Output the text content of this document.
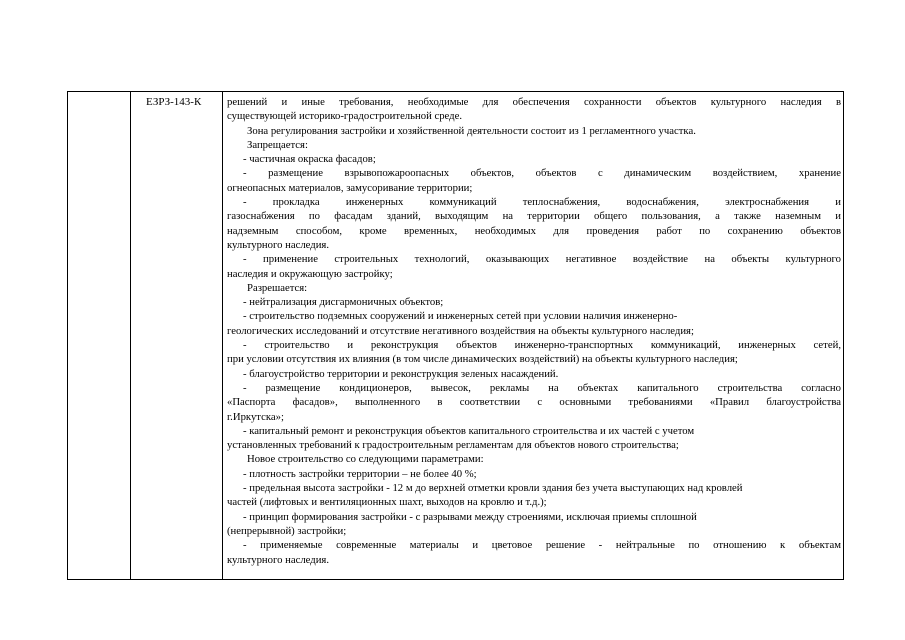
ЕЗРЗ-143-К решений и иные требования, необходимые для обеспечения сохранности объектов культурного наследия в
существующей историко-градостроительной среде.
Зона регулирования застройки и хозяйственной деятельности состоит из 1 регламентного участка.
Запрещается:
- частичная окраска фасадов;
- размещение взрывопожароопасных объектов, объектов с динамическим воздействием, хранение
огнеопасных материалов, замусоривание территории;
- прокладка инженерных коммуникаций теплоснабжения, водоснабжения, электроснабжения и
газоснабжения по фасадам зданий, выходящим на территории общего пользования, а также наземным и
надземным способом, кроме временных, необходимых для проведения работ по сохранению объектов
культурного наследия.
- применение строительных технологий, оказывающих негативное воздействие на объекты культурного
наследия и окружающую застройку;
Разрешается:
- нейтрализация дисгармоничных объектов;
- строительство подземных сооружений и инженерных сетей при условии наличия инженерно-
геологических исследований и отсутствие негативного воздействия на объекты культурного наследия;
- строительство и реконструкция объектов инженерно-транспортных коммуникаций, инженерных сетей,
при условии отсутствия их влияния (в том числе динамических воздействий) на объекты культурного наследия;
- благоустройство территории и реконструкция зеленых насаждений.
- размещение кондиционеров, вывесок, рекламы на объектах капитального строительства согласно
«Паспорта фасадов», выполненного в соответствии с основными требованиями «Правил благоустройства
г.Иркутска»;
- капитальный ремонт и реконструкция объектов капитального строительства и их частей с учетом
установленных требований к градостроительным регламентам для объектов нового строительства;
Новое строительство со следующими параметрами:
- плотность застройки территории – не более 40 %;
- предельная высота застройки - 12 м до верхней отметки кровли здания без учета выступающих над кровлей
частей (лифтовых и вентиляционных шахт, выходов на кровлю и т.д.);
- принцип формирования застройки - с разрывами между строениями, исключая приемы сплошной
(непрерывной) застройки;
- применяемые современные материалы и цветовое решение - нейтральные по отношению к объектам
культурного наследия.
